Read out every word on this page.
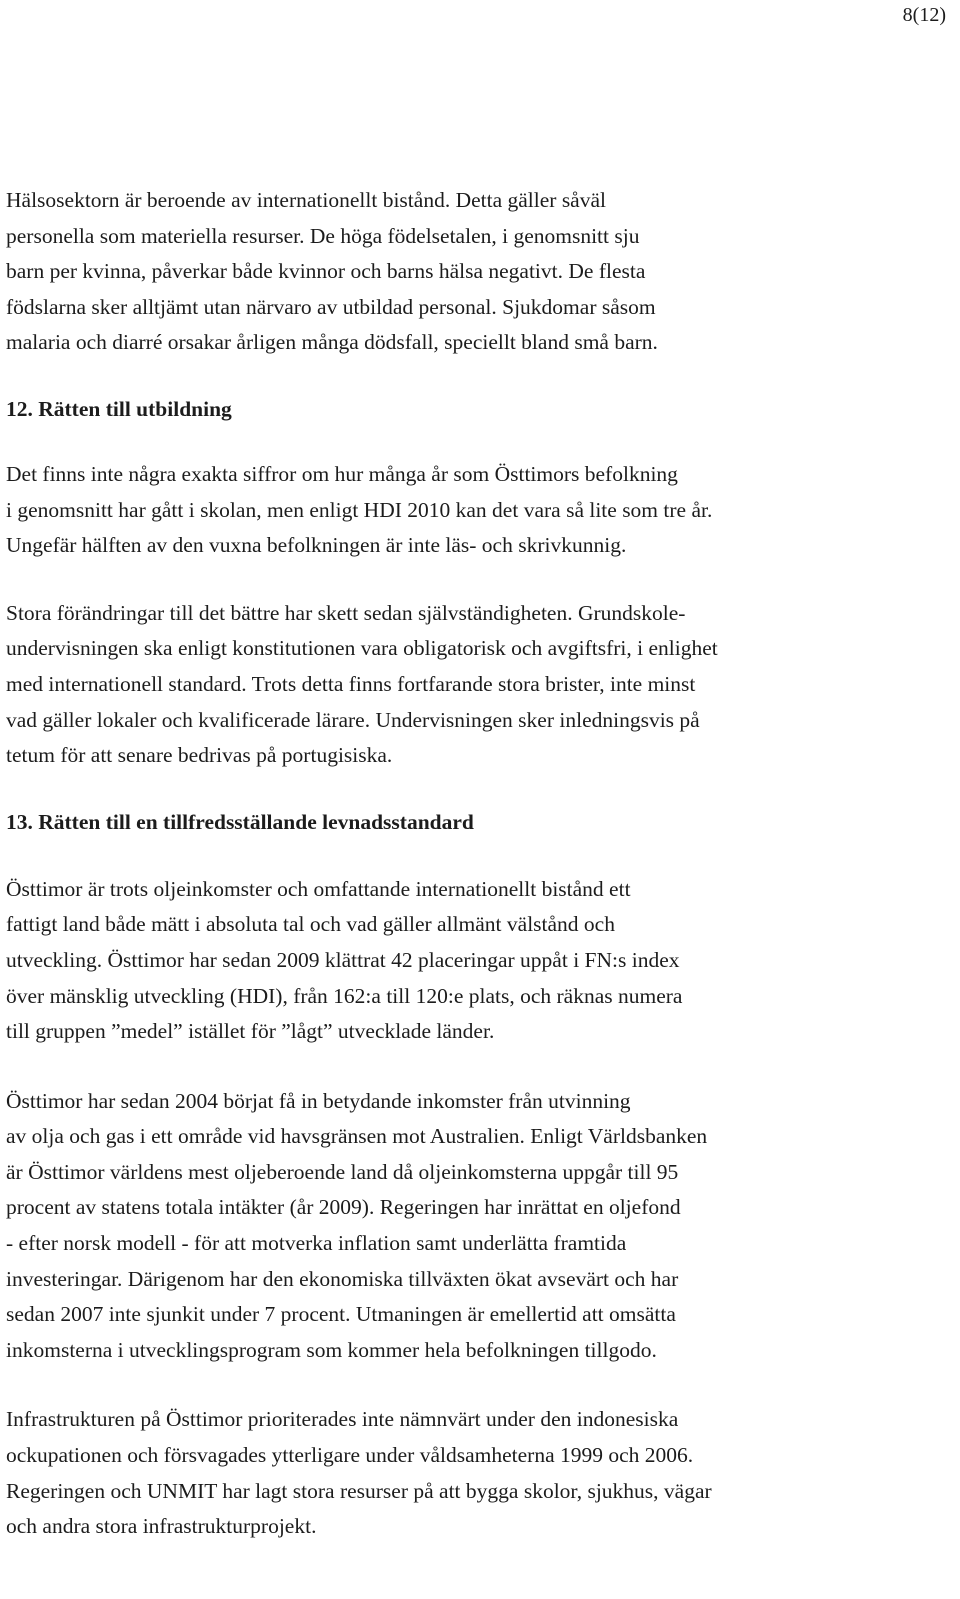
8(12)

Hälsosektorn är beroende av internationellt bistånd. Detta gäller såväl
personella som materiella resurser. De höga födelsetalen, i genomsnitt sju
barn per kvinna, påverkar både kvinnor och barns hälsa negativt. De flesta
födslarna sker alltjämt utan närvaro av utbildad personal. Sjukdomar såsom
malaria och diarré orsakar årligen många dödsfall, speciellt bland små barn.

12. Rätten till utbildning

Det finns inte några exakta siffror om hur många år som Östtimors befolkning
i genomsnitt har gått i skolan, men enligt HDI 2010 kan det vara så lite som tre år.
Ungefär hälften av den vuxna befolkningen är inte läs- och skrivkunnig.

Stora förändringar till det bättre har skett sedan självständigheten. Grundskole-
undervisningen ska enligt konstitutionen vara obligatorisk och avgiftsfri, i enlighet
med internationell standard. Trots detta finns fortfarande stora brister, inte minst
vad gäller lokaler och kvalificerade lärare. Undervisningen sker inledningsvis på
tetum för att senare bedrivas på portugisiska.

13. Rätten till en tillfredsställande levnadsstandard

Östtimor är trots oljeinkomster och omfattande internationellt bistånd ett
fattigt land både mätt i absoluta tal och vad gäller allmänt välstånd och
utveckling. Östtimor har sedan 2009 klättrat 42 placeringar uppåt i FN:s index
över mänsklig utveckling (HDI), från 162:a till 120:e plats, och räknas numera
till gruppen ”medel” istället för ”lågt” utvecklade länder.

Östtimor har sedan 2004 börjat få in betydande inkomster från utvinning
av olja och gas i ett område vid havsgränsen mot Australien. Enligt Världsbanken
är Östtimor världens mest oljeberoende land då oljeinkomsterna uppgår till 95
procent av statens totala intäkter (år 2009). Regeringen har inrättat en oljefond
- efter norsk modell - för att motverka inflation samt underlätta framtida
investeringar. Därigenom har den ekonomiska tillväxten ökat avsevärt och har
sedan 2007 inte sjunkit under 7 procent. Utmaningen är emellertid att omsätta
inkomsterna i utvecklingsprogram som kommer hela befolkningen tillgodo.

Infrastrukturen på Östtimor prioriterades inte nämnvärt under den indonesiska
ockupationen och försvagades ytterligare under våldsamheterna 1999 och 2006.
Regeringen och UNMIT har lagt stora resurser på att bygga skolor, sjukhus, vägar
och andra stora infrastrukturprojekt.
